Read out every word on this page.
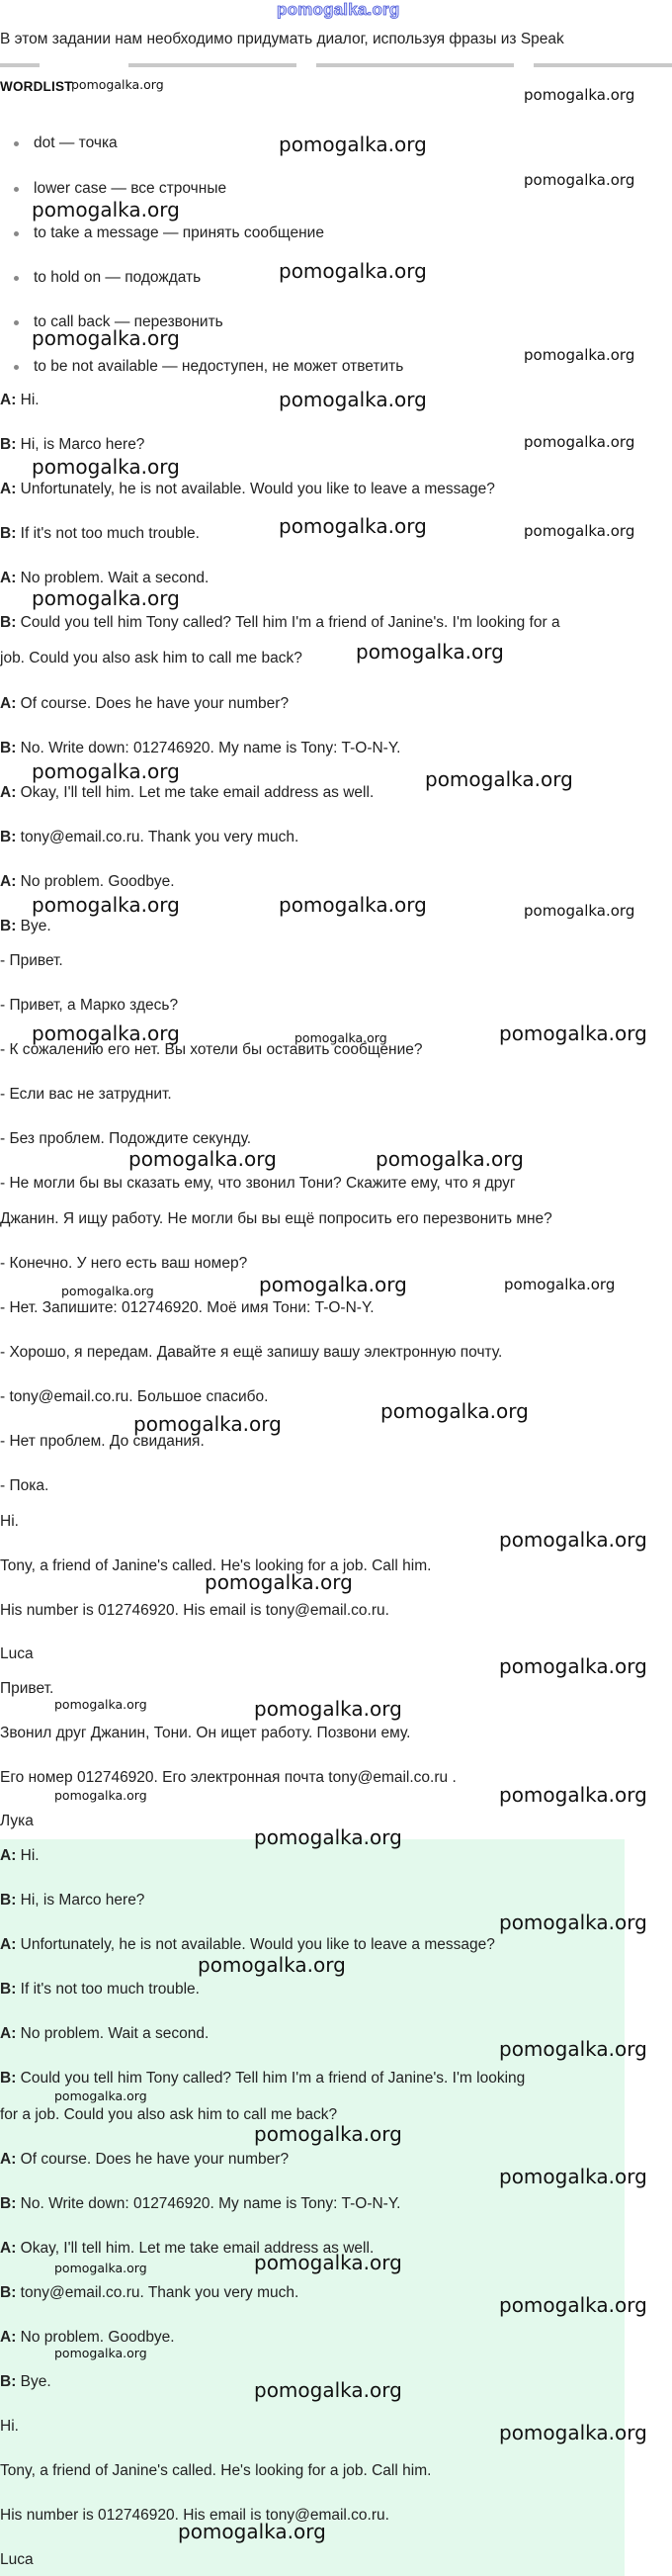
pomogalka.org
В этом задании нам необходимо придумать диалог, используя фразы из Speak
WORDLIST
dot — точка
lower case — все строчные
to take a message — принять сообщение
to hold on — подождать
to call back — перезвонить
to be not available — недоступен, не может ответить
A: Hi.
B: Hi, is Marco here?
A: Unfortunately, he is not available. Would you like to leave a message?
B: If it's not too much trouble.
A: No problem. Wait a second.
B: Could you tell him Tony called? Tell him I'm a friend of Janine's. I'm looking for a
job. Could you also ask him to call me back?
A: Of course. Does he have your number?
B: No. Write down: 012746920. My name is Tony: T-O-N-Y.
A: Okay, I'll tell him. Let me take email address as well.
B: tony@email.co.ru. Thank you very much.
A: No problem. Goodbye.
B: Bye.
- Привет.
- Привет, а Марко здесь?
- К сожалению его нет. Вы хотели бы оставить сообщение?
- Если вас не затруднит.
- Без проблем. Подождите секунду.
- Не могли бы вы сказать ему, что звонил Тони? Скажите ему, что я друг
Джанин. Я ищу работу. Не могли бы вы ещё попросить его перезвонить мне?
- Конечно. У него есть ваш номер?
- Нет. Запишите: 012746920. Моё имя Тони: T-O-N-Y.
- Хорошо, я передам. Давайте я ещё запишу вашу электронную почту.
- tony@email.co.ru. Большое спасибо.
- Нет проблем. До свидания.
- Пока.
Hi.
Tony, a friend of Janine's called. He's looking for a job. Call him.
His number is 012746920. His email is tony@email.co.ru.
Luca
Привет.
Звонил друг Джанин, Тони. Он ищет работу. Позвони ему.
Его номер 012746920. Его электронная почта tony@email.co.ru .
Лука
A: Hi.
B: Hi, is Marco here?
A: Unfortunately, he is not available. Would you like to leave a message?
B: If it's not too much trouble.
A: No problem. Wait a second.
B: Could you tell him Tony called? Tell him I'm a friend of Janine's. I'm looking
for a job. Could you also ask him to call me back?
A: Of course. Does he have your number?
B: No. Write down: 012746920. My name is Tony: T-O-N-Y.
A: Okay, I'll tell him. Let me take email address as well.
B: tony@email.co.ru. Thank you very much.
A: No problem. Goodbye.
B: Bye.
Hi.
Tony, a friend of Janine's called. He's looking for a job. Call him.
His number is 012746920. His email is tony@email.co.ru.
Luca
pomogalka.org
pomogalka.org
pomogalka.org
pomogalka.org
pomogalka.org
pomogalka.org
pomogalka.org
pomogalka.org
pomogalka.org
pomogalka.org
pomogalka.org
pomogalka.org	pomogalka.org
pomogalka.org
pomogalka.org
pomogalka.org	pomogalka.org
pomogalka.org	pomogalka.org	pomogalka.org
pomogalka.org	pomogalka.org	pomogalka.org
pomogalka.org	pomogalka.org
pomogalka.org	pomogalka.org	pomogalka.org
pomogalka.org
pomogalka.org
pomogalka.org
pomogalka.org
pomogalka.org
pomogalka.org	pomogalka.org
pomogalka.org	pomogalka.org
pomogalka.org
pomogalka.org
pomogalka.org
pomogalka.org
pomogalka.org
pomogalka.org
pomogalka.org
pomogalka.org	pomogalka.org
pomogalka.org
pomogalka.org
pomogalka.org
pomogalka.org
pomogalka.org
